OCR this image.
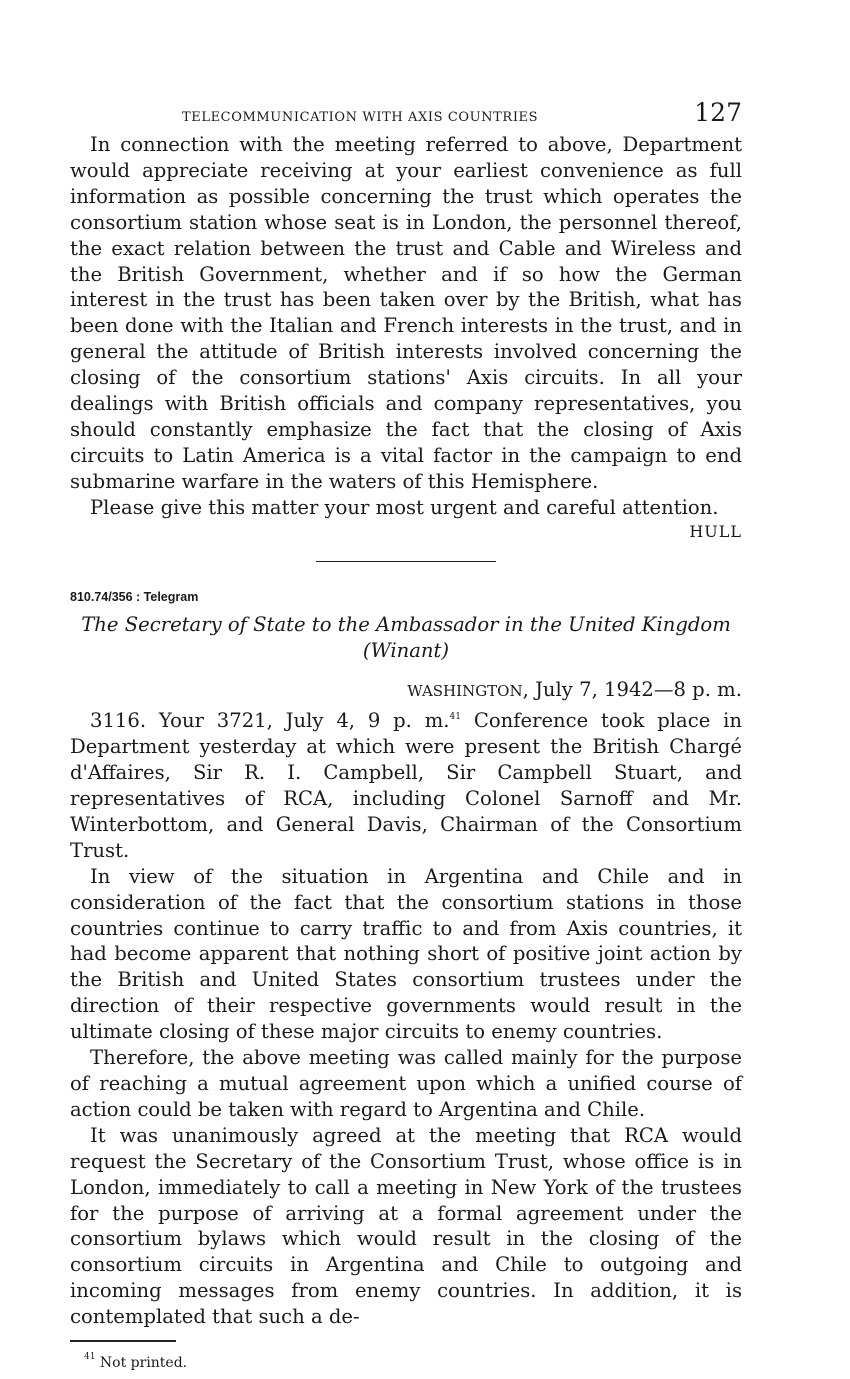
TELECOMMUNICATION WITH AXIS COUNTRIES	127

In connection with the meeting referred to above, Department would appreciate receiving at your earliest convenience as full information as possible concerning the trust which operates the consortium station whose seat is in London, the personnel thereof, the exact relation between the trust and Cable and Wireless and the British Government, whether and if so how the German interest in the trust has been taken over by the British, what has been done with the Italian and French interests in the trust, and in general the attitude of British interests involved concerning the closing of the consortium stations' Axis circuits. In all your dealings with British officials and company representatives, you should constantly emphasize the fact that the closing of Axis circuits to Latin America is a vital factor in the campaign to end submarine warfare in the waters of this Hemisphere.

Please give this matter your most urgent and careful attention.

HULL
810.74/356 : Telegram
The Secretary of State to the Ambassador in the United Kingdom
(Winant)
WASHINGTON, July 7, 1942—8 p. m.

3116. Your 3721, July 4, 9 p. m.$^{41}$ Conference took place in Department yesterday at which were present the British Chargé d'Affaires, Sir R. I. Campbell, Sir Campbell Stuart, and representatives of RCA, including Colonel Sarnoff and Mr. Winterbottom, and General Davis, Chairman of the Consortium Trust.

In view of the situation in Argentina and Chile and in consideration of the fact that the consortium stations in those countries continue to carry traffic to and from Axis countries, it had become apparent that nothing short of positive joint action by the British and United States consortium trustees under the direction of their respective governments would result in the ultimate closing of these major circuits to enemy countries.

Therefore, the above meeting was called mainly for the purpose of reaching a mutual agreement upon which a unified course of action could be taken with regard to Argentina and Chile.

It was unanimously agreed at the meeting that RCA would request the Secretary of the Consortium Trust, whose office is in London, immediately to call a meeting in New York of the trustees for the purpose of arriving at a formal agreement under the consortium bylaws which would result in the closing of the consortium circuits in Argentina and Chile to outgoing and incoming messages from enemy countries. In addition, it is contemplated that such a de-

$^{41}$ Not printed.
